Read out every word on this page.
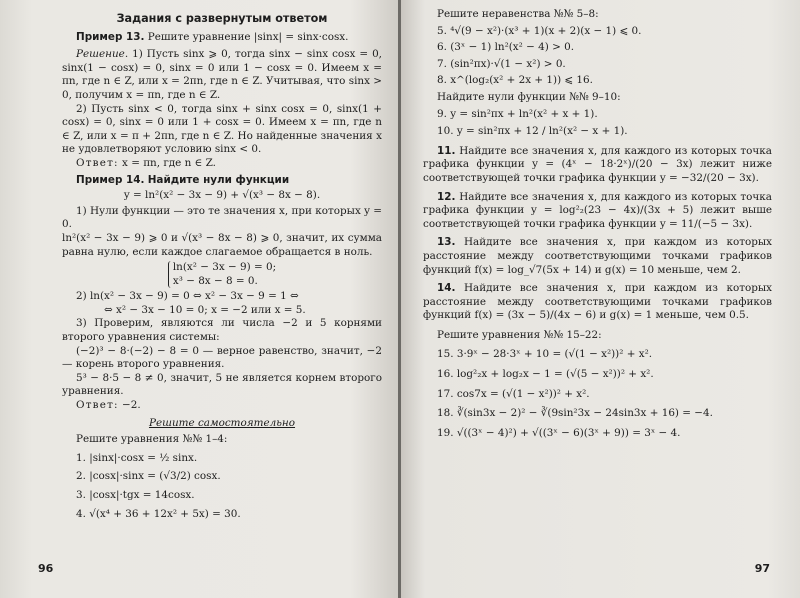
Задания с развернутым ответом

Пример 13. Решите уравнение |sinx| = sinx·cosx.

Решение. 1) Пусть sinx ⩾ 0, тогда sinx − sinx cosx = 0, sinx(1 − cosx) = 0, sinx = 0 или 1 − cosx = 0. Имеем x = πn, где n ∈ Z, или x = 2πn, где n ∈ Z. Учитывая, что sinx > 0, получим x = πn, где n ∈ Z.

2) Пусть sinx < 0, тогда sinx + sinx cosx = 0, sinx(1 + cosx) = 0, sinx = 0 или 1 + cosx = 0. Имеем x = πn, где n ∈ Z, или x = π + 2πn, где n ∈ Z. Но найденные значения x не удовлетворяют условию sinx < 0.

Ответ: x = πn, где n ∈ Z.

Пример 14. Найдите нули функции

y = ln²(x² − 3x − 9) + √(x³ − 8x − 8).

1) Нули функции — это те значения x, при которых y = 0.

ln²(x² − 3x − 9) ⩾ 0 и √(x³ − 8x − 8) ⩾ 0, значит, их сумма равна нулю, если каждое слагаемое обращается в ноль.

ln(x² − 3x − 9) = 0;
x³ − 8x − 8 = 0.

2) ln(x² − 3x − 9) = 0 ⇔ x² − 3x − 9 = 1 ⇔

⇔ x² − 3x − 10 = 0; x = −2 или x = 5.

3) Проверим, являются ли числа −2 и 5 корнями второго уравнения системы:

(−2)³ − 8·(−2) − 8 = 0 — верное равенство, значит, −2 — корень второго уравнения.

5³ − 8·5 − 8 ≠ 0, значит, 5 не является корнем второго уравнения.

Ответ: −2.

Решите самостоятельно

Решите уравнения №№ 1–4:

1. |sinx|·cosx = ½ sinx.

2. |cosx|·sinx = (√3/2) cosx.

3. |cosx|·tgx = 14cosx.

4. √(x⁴ + 36 + 12x² + 5x) = 30.

96

Решите неравенства №№ 5–8:

5. ⁴√(9 − x²)·(x³ + 1)(x + 2)(x − 1) ⩽ 0.

6. (3ˣ − 1) ln²(x² − 4) > 0.

7. (sin²πx)·√(1 − x²) > 0.

8. x^(log₂(x² + 2x + 1)) ⩽ 16.

Найдите нули функции №№ 9–10:

9. y = sin²πx + ln²(x² + x + 1).

10. y = sin²πx + 12 / ln²(x² − x + 1).

11. Найдите все значения x, для каждого из которых точка графика функции y = (4ˣ − 18·2ˣ)/(20 − 3x) лежит ниже соответствующей точки графика функции y = −32/(20 − 3x).

12. Найдите все значения x, для каждого из которых точка графика функции y = log²₂(23 − 4x)/(3x + 5) лежит выше соответствующей точки графика функции y = 11/(−5 − 3x).

13. Найдите все значения x, при каждом из которых расстояние между соответствующими точками графиков функций f(x) = log_√7(5x + 14) и g(x) = 10 меньше, чем 2.

14. Найдите все значения x, при каждом из которых расстояние между соответствующими точками графиков функций f(x) = (3x − 5)/(4x − 6) и g(x) = 1 меньше, чем 0.5.

Решите уравнения №№ 15–22:

15. 3·9ˣ − 28·3ˣ + 10 = (√(1 − x²))² + x².

16. log²₂x + log₂x − 1 = (√(5 − x²))² + x².

17. cos7x = (√(1 − x²))² + x².

18. ∛(sin3x − 2)² − ∛(9sin²3x − 24sin3x + 16) = −4.

19. √((3ˣ − 4)²) + √((3ˣ − 6)(3ˣ + 9)) = 3ˣ − 4.

97
